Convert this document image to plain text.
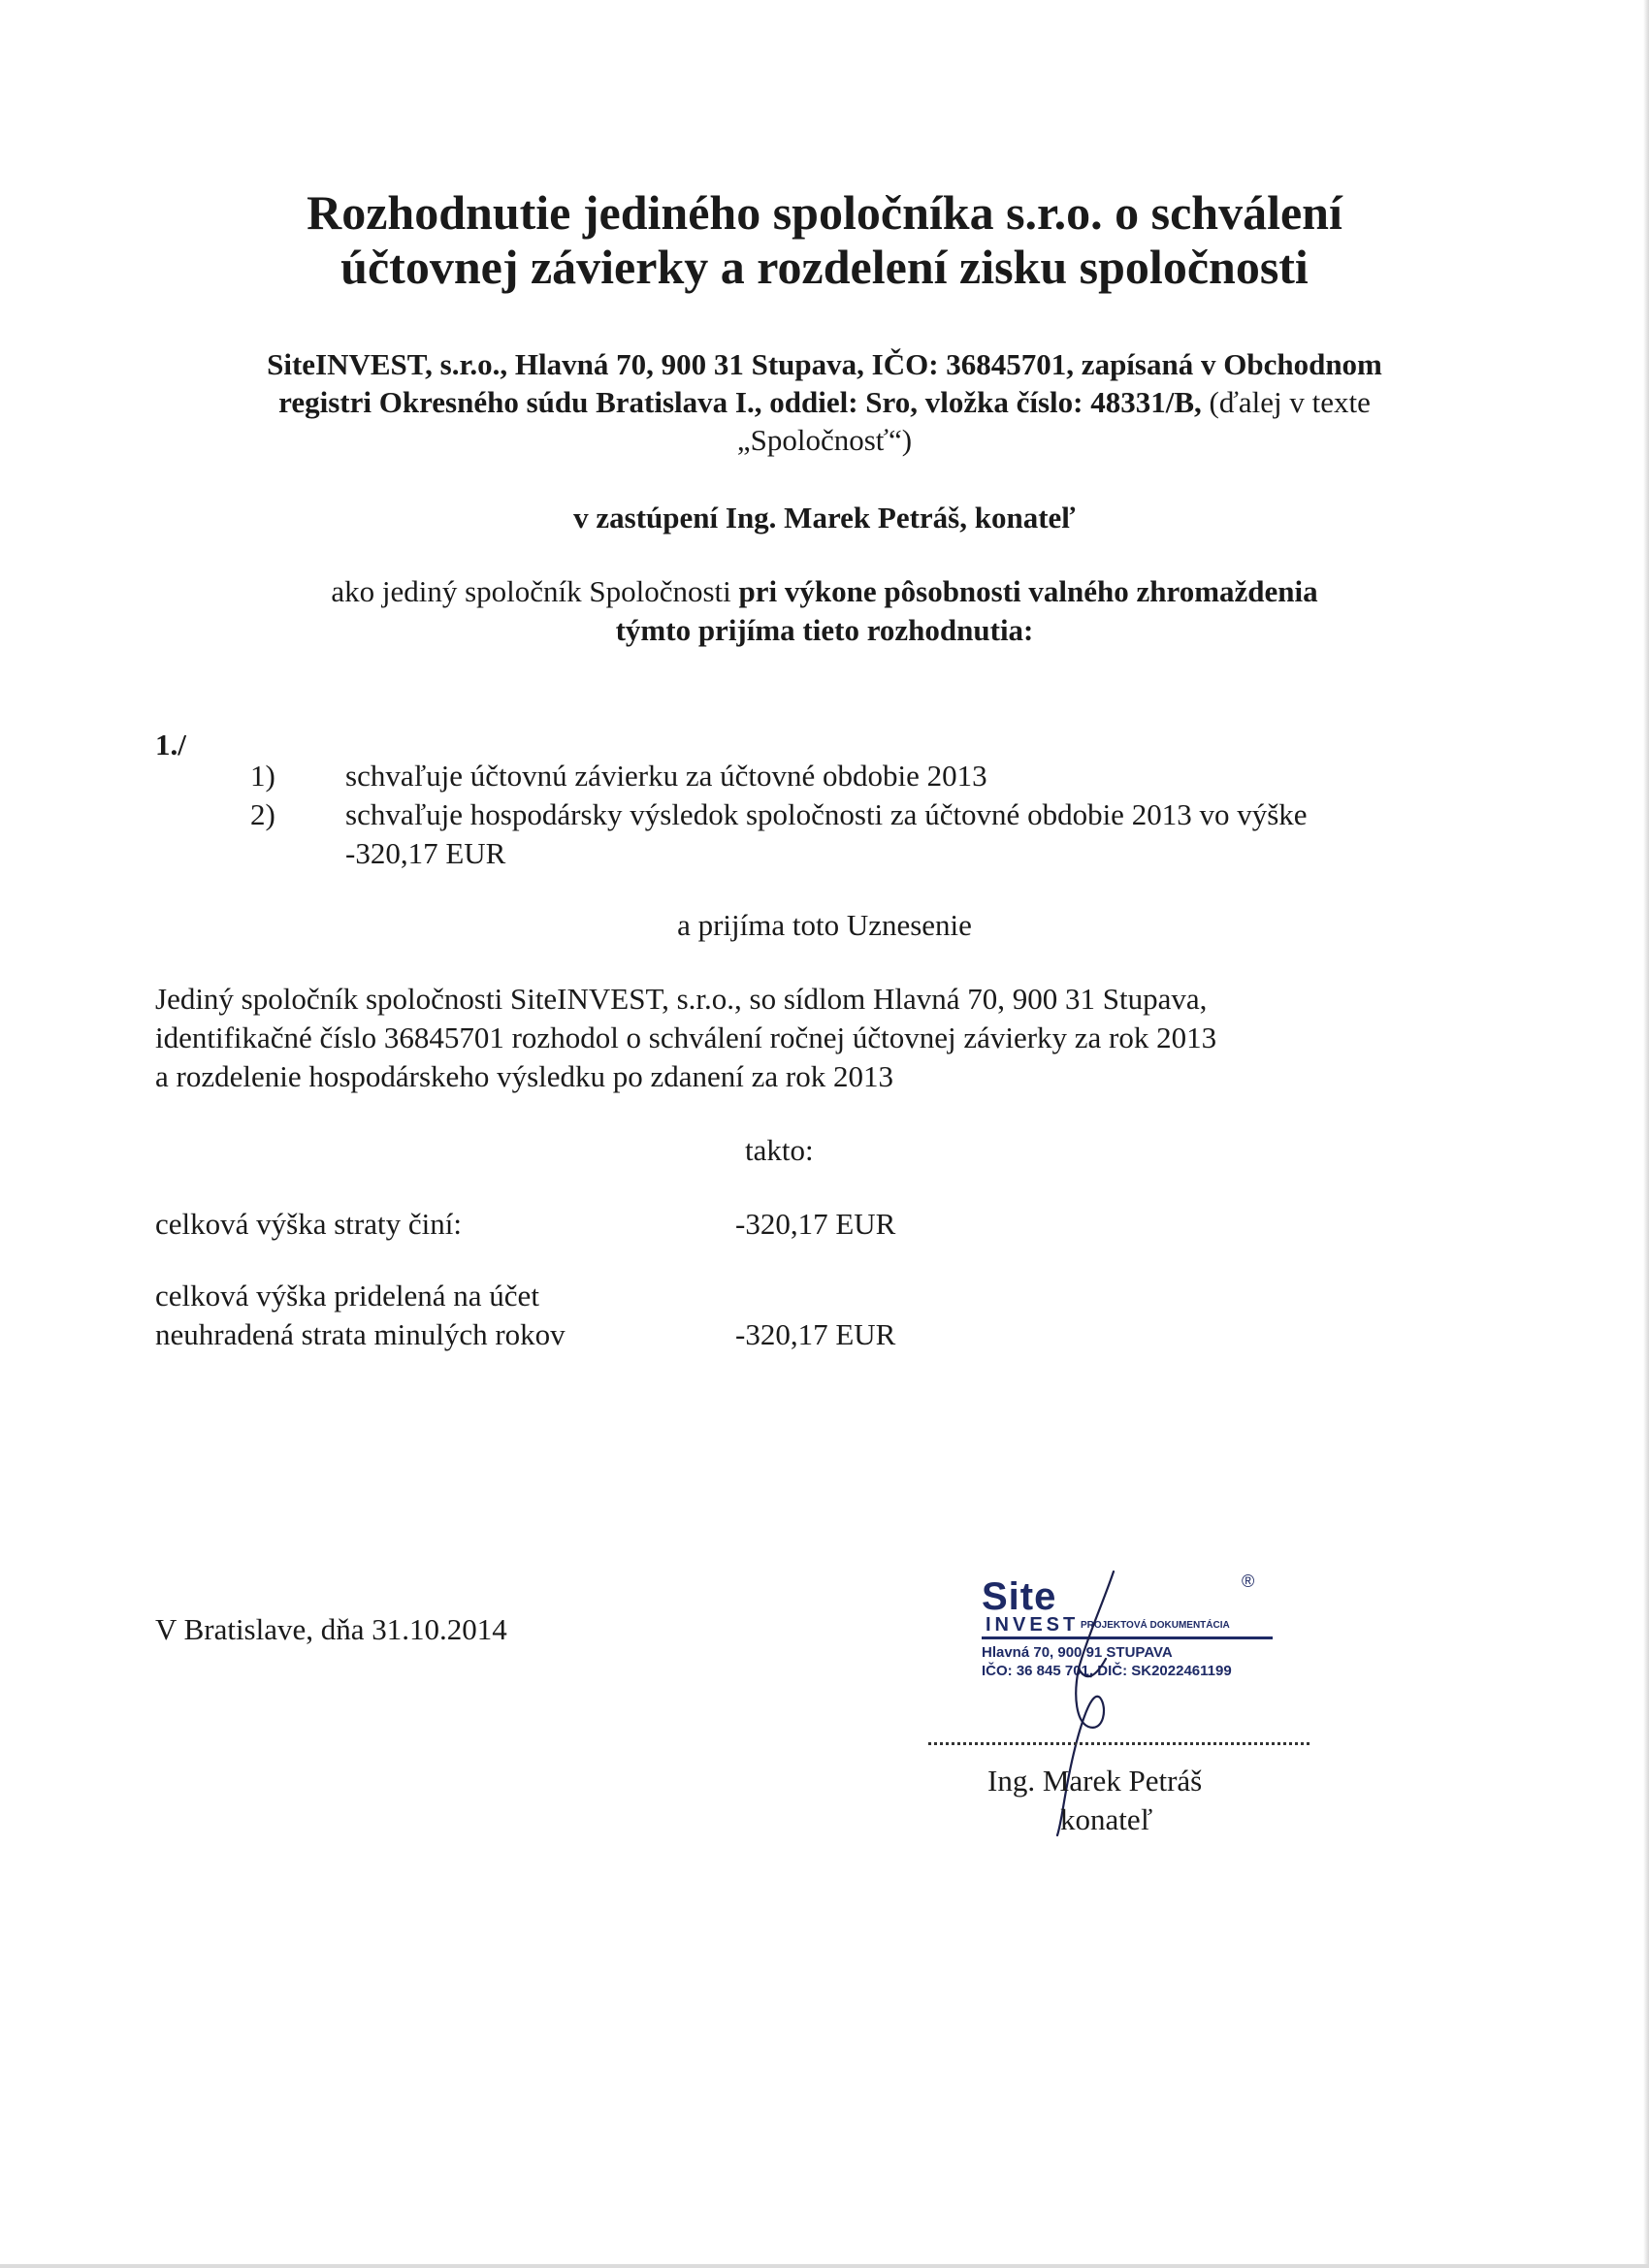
Rozhodnutie jediného spoločníka s.r.o. o schválení
účtovnej závierky a rozdelení zisku spoločnosti
SiteINVEST, s.r.o., Hlavná 70, 900 31 Stupava, IČO: 36845701, zapísaná v Obchodnom
registri Okresného súdu Bratislava I., oddiel: Sro, vložka číslo: 48331/B, (ďalej v texte
„Spoločnosť“)
v zastúpení Ing. Marek Petráš, konateľ
ako jediný spoločník Spoločnosti pri výkone pôsobnosti valného zhromaždenia
týmto prijíma tieto rozhodnutia:
1./
1) schvaľuje účtovnú závierku za účtovné obdobie 2013
2) schvaľuje hospodársky výsledok spoločnosti za účtovné obdobie 2013 vo výške
-320,17 EUR
a prijíma toto Uznesenie
Jediný spoločník spoločnosti SiteINVEST, s.r.o., so sídlom Hlavná 70, 900 31 Stupava,
identifikačné číslo 36845701 rozhodol o schválení ročnej účtovnej závierky za rok 2013
a rozdelenie hospodárskeho výsledku po zdanení za rok 2013
takto:
celková výška straty činí:	-320,17 EUR
celková výška pridelená na účet
neuhradená strata minulých rokov	-320,17 EUR
V Bratislave, dňa 31.10.2014
Site
INVEST PROJEKTOVÁ DOKUMENTÁCIA
Hlavná 70, 900 91 STUPAVA
IČO: 36 845 701, DIČ: SK2022461199
®
Ing. Marek Petráš
konateľ
